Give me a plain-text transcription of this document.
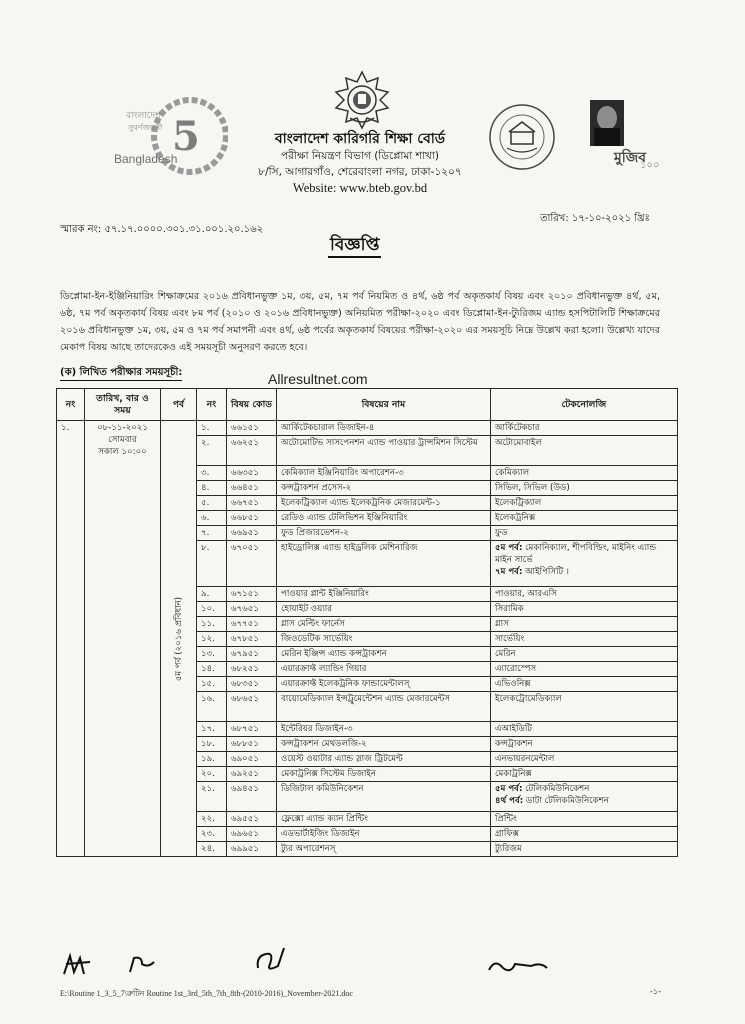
5
বাংলাদেশ
সুবর্ণজয়ন্তী
Bangladesh	মুজিব
১০০
বাংলাদেশ কারিগরি শিক্ষা বোর্ড
পরীক্ষা নিয়ন্ত্রণ বিভাগ (ডিপ্লোমা শাখা)
৮/সি, আগারগাঁও, শেরেবাংলা নগর, ঢাকা-১২০৭
Website: www.bteb.gov.bd
তারিখ: ১৭-১০-২০২১ খ্রিঃ
স্মারক নং: ৫৭.১৭.০০০০.৩০১.৩১.০০১.২০.১৬২
বিজ্ঞপ্তি
ডিপ্লোমা-ইন-ইঞ্জিনিয়ারিং শিক্ষাক্রমের ২০১৬ প্রবিধানভুক্ত ১ম, ৩য়, ৫ম, ৭ম পর্ব নিয়মিত ও ৪র্থ, ৬ষ্ঠ পর্ব অকৃতকার্য বিষয় এবং ২০১০ প্রবিধানভুক্ত ৪র্থ, ৫ম, ৬ষ্ঠ, ৭ম পর্ব অকৃতকার্য বিষয় এবং ৮ম পর্ব (২০১০ ও ২০১৬ প্রবিধানভুক্ত) অনিয়মিত পরীক্ষা-২০২০ এবং ডিপ্লোমা-ইন-ট্যুরিজম এ্যান্ড হসপিটালিটি শিক্ষাক্রমের ২০১৬ প্রবিধানভুক্ত ১ম, ৩য়, ৫ম ও ৭ম পর্ব সমাপনী এবং ৪র্থ, ৬ষ্ঠ পর্বের অকৃতকার্য বিষয়ের পরীক্ষা-২০২০ এর সময়সূচি নিম্নে উল্লেখ করা হলো। উল্লেখ্য যাদের মেকাপ বিষয় আছে তাদেরকেও এই সময়সূচী অনুসরণ করতে হবে।
(ক) লিখিত পরীক্ষার সময়সূচী:	Allresultnet.com
নং	তারিখ, বার ও সময়	পর্ব	নং	বিষয় কোড	বিষয়ের নাম	টেকনোলজি
১.	০৮-১১-২০২১
সোমবার
সকাল ১০:০০	৫ম পর্ব (২০১৬ প্রবিধান)	১.	৬৬১৫১	আর্কিটেকচারাল ডিজাইন-৪	আর্কিটেকচার
			২.	৬৬২৫১	অটোমোটিভ সাসপেনশন এ্যান্ড পাওয়ার ট্রান্সমিশন সিস্টেম	অটোমোবাইল
			৩.	৬৬৩৫১	কেমিক্যাল ইঞ্জিনিয়ারিং অপারেশন-৩	কেমিক্যাল
			৪.	৬৬৪৫১	কন্সট্রাকশন প্রসেস-২	সিভিল, সিভিল (উড)
			৫.	৬৬৭৫১	ইলেকট্রিক্যাল এ্যান্ড ইলেকট্রনিক মেজারমেন্ট-১	ইলেকট্রিক্যাল
			৬.	৬৬৮৫১	রেডিও এ্যান্ড টেলিভিশন ইঞ্জিনিয়ারিং	ইলেকট্রনিক্স
			৭.	৬৬৯৫১	ফুড প্রিজারভেশন-২	ফুড
			৮.	৬৭০৫১	হাইড্রোলিক্স এ্যান্ড হাইড্রলিক মেশিনারিজ	৫ম পর্ব: মেকানিক্যাল, শীপবিল্ডিং, মাইনিং এ্যান্ড মাইন সার্ভে
৭ম পর্ব: আইপিসিটি ।

			৯.	৬৭১৫১	পাওয়ার প্লান্ট ইঞ্জিনিয়ারিং	পাওয়ার, আরএসি
			১০.	৬৭৬৫১	হোয়াইট ওয়্যার	সিরামিক
			১১.	৬৭৭৫১	গ্লাস মেল্টিং ফার্নেস	গ্লাস
			১২.	৬৭৮৫১	জিওডেটিক সার্ভেয়িং	সার্ভেয়িং
			১৩.	৬৭৯৫১	মেরিন ইঞ্জিন্স এ্যান্ড কন্সট্রাকশন	মেরিন
			১৪.	৬৮২৫১	এয়ারক্রাফ্ট ল্যান্ডিং গিয়ার	এ্যারোস্পেস
			১৫.	৬৮৩৫১	এয়ারক্রাফ্ট ইলেকট্রনিক ফান্ডামেন্টালস্	এভিওনিক্স
			১৬.	৬৮৬৫১	বায়োমেডিক্যাল ইন্সট্রুমেন্টেশন এ্যান্ড মেজারমেন্টস	ইলেকট্রোমেডিক্যাল
			১৭.	৬৮৭৫১	ইন্টেরিয়র ডিজাইন-৩	এআইডিটি
			১৮.	৬৮৮৫১	কন্সট্রাকশন মেথডলজি-২	কন্সট্রাকশন
			১৯.	৬৯০৫১	ওয়েস্ট ওয়াটার এ্যান্ড স্লাজ ট্রিটমেন্ট	এনভায়রনমেন্টাল
			২০.	৬৯২৫১	মেকাট্রনিক্স সিস্টেম ডিজাইন	মেকাট্রনিক্স
			২১.	৬৯৪৫১	ডিজিটাল কমিউনিকেশন	৫ম পর্ব: টেলিকমিউনিকেশন
৪র্থ পর্ব: ডাটা টেলিকমিউনিকেশন

			২২.	৬৯৫৫১	ফ্লেক্সো এ্যান্ড ক্যান প্রিন্টিং	প্রিন্টিং
			২৩.	৬৯৬৫১	এডভার্টাইজিং ডিজাইন	গ্রাফিক্স
			২৪.	৬৯৯৫১	ট্যুর অপারেশনস্	ট্যুরিজম
E:\Routine 1_3_5_7\রুটিন Routine 1st_3rd_5th_7th_8th-(2010-2016)_November-2021.doc	-১-
